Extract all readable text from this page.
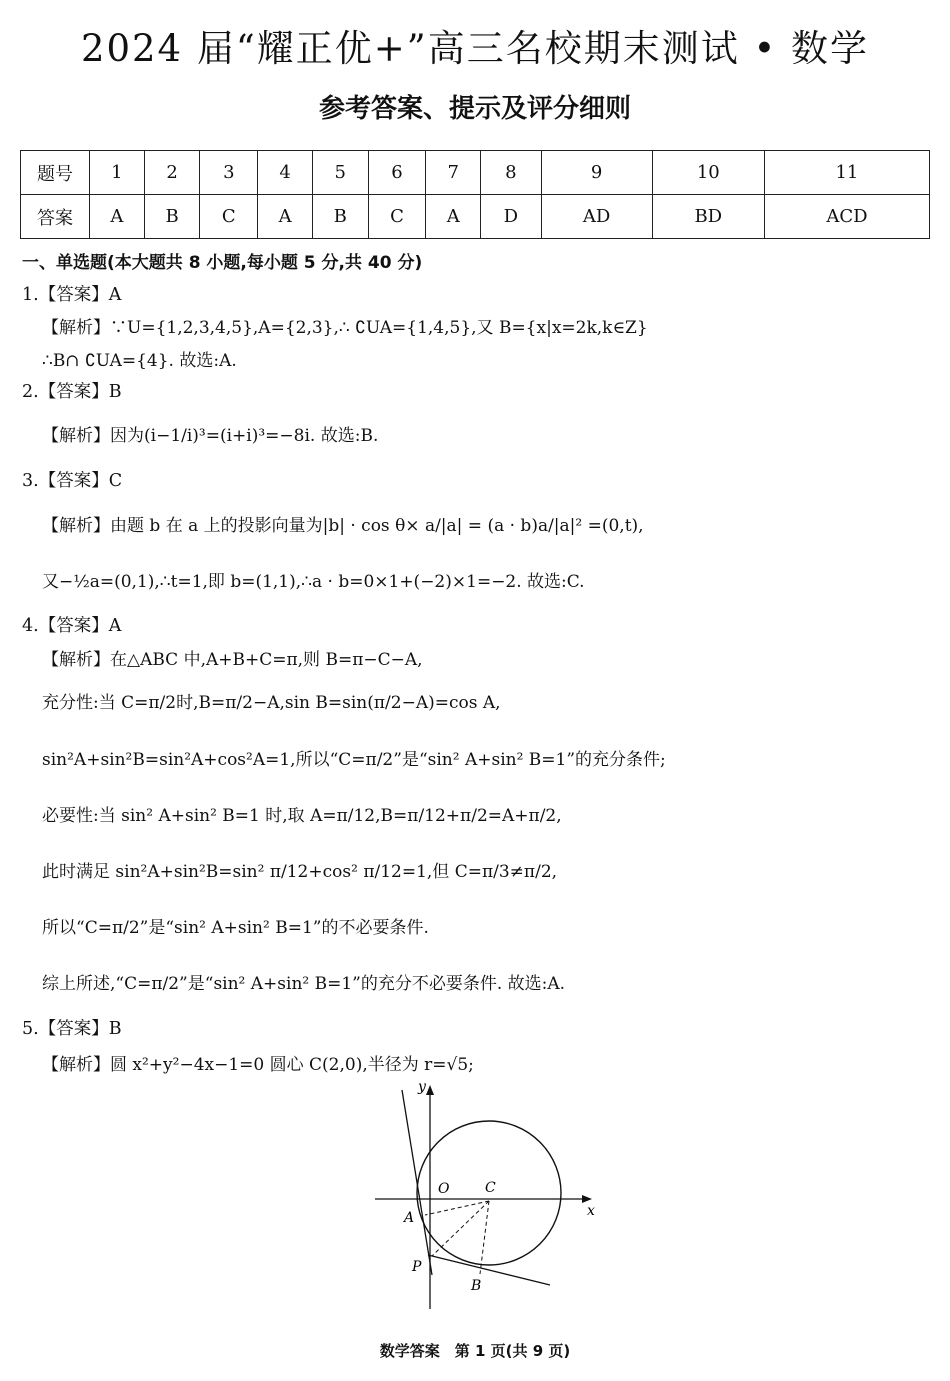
2024 届“耀正优+”高三名校期末测试 • 数学
参考答案、提示及评分细则
题号	1	2	3	4	5	6	7	8	9	10	11
答案	A	B	C	A	B	C	A	D	AD	BD	ACD
一、单选题(本大题共 8 小题,每小题 5 分,共 40 分)
1.【答案】A
【解析】∵U={1,2,3,4,5},A={2,3},∴ ∁UA={1,4,5},又 B={x|x=2k,k∈Z}
∴B∩ ∁UA={4}. 故选:A.
2.【答案】B
【解析】因为(i−1/i)³=(i+i)³=−8i. 故选:B.
3.【答案】C
【解析】由题 b 在 a 上的投影向量为|b| · cos θ× a/|a| = (a · b)a/|a|² =(0,t),
又−½a=(0,1),∴t=1,即 b=(1,1),∴a · b=0×1+(−2)×1=−2. 故选:C.
4.【答案】A
【解析】在△ABC 中,A+B+C=π,则 B=π−C−A,
充分性:当 C=π/2时,B=π/2−A,sin B=sin(π/2−A)=cos A,
sin²A+sin²B=sin²A+cos²A=1,所以“C=π/2”是“sin² A+sin² B=1”的充分条件;
必要性:当 sin² A+sin² B=1 时,取 A=π/12,B=π/12+π/2=A+π/2,
此时满足 sin²A+sin²B=sin² π/12+cos² π/12=1,但 C=π/3≠π/2,
所以“C=π/2”是“sin² A+sin² B=1”的不必要条件.
综上所述,“C=π/2”是“sin² A+sin² B=1”的充分不必要条件. 故选:A.
5.【答案】B
【解析】圆 x²+y²−4x−1=0 圆心 C(2,0),半径为 r=√5;
y
x
O	C
A
P
B
数学答案　第 1 页(共 9 页)
